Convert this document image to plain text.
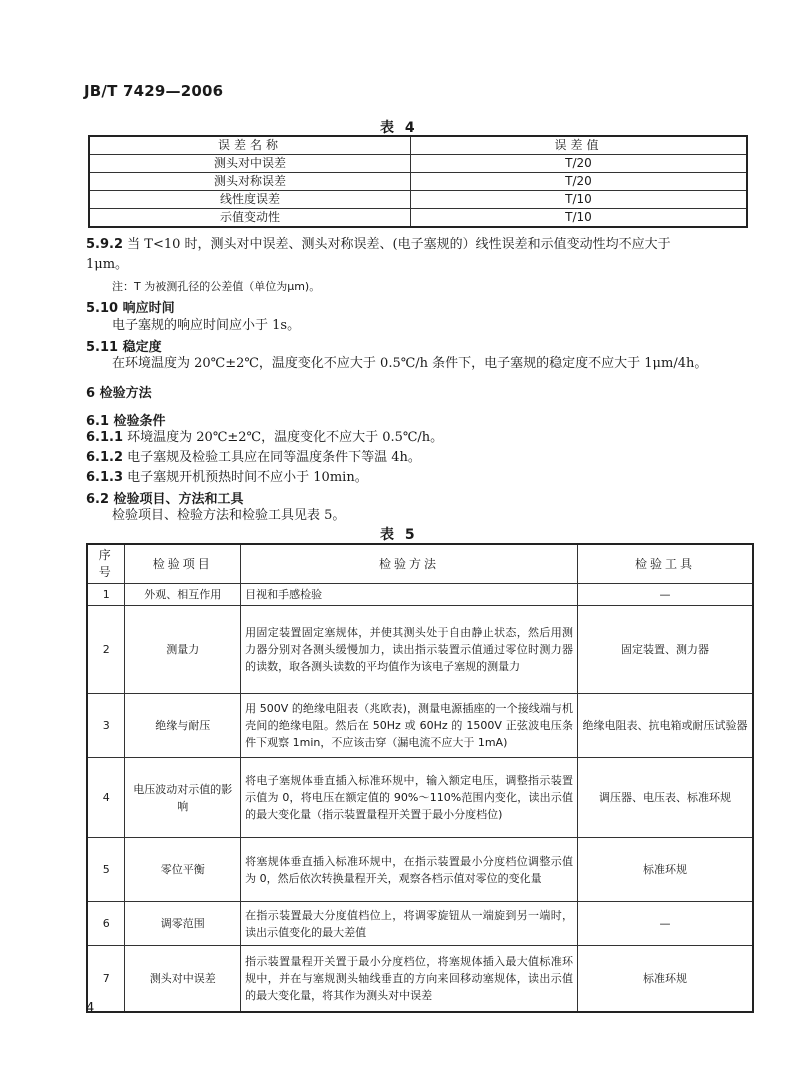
JB/T 7429—2006
表 4
误差名称	误差值
测头对中误差	T/20
测头对称误差	T/20
线性度误差	T/10
示值变动性	T/10
5.9.2 当 T<10 时，测头对中误差、测头对称误差、(电子塞规的）线性误差和示值变动性均不应大于
1μm。
注：T 为被测孔径的公差值（单位为μm)。
5.10 响应时间
电子塞规的响应时间应小于 1s。
5.11 稳定度
在环境温度为 20℃±2℃，温度变化不应大于 0.5℃/h 条件下，电子塞规的稳定度不应大于 1μm/4h。
6 检验方法
6.1 检验条件
6.1.1 环境温度为 20℃±2℃，温度变化不应大于 0.5℃/h。
6.1.2 电子塞规及检验工具应在同等温度条件下等温 4h。
6.1.3 电子塞规开机预热时间不应小于 10min。
6.2 检验项目、方法和工具
检验项目、检验方法和检验工具见表 5。
表 5
序号	检验项目	检验方法	检验工具
1	外观、相互作用	目视和手感检验	—
2	测量力	用固定装置固定塞规体，并使其测头处于自由静止状态，然后用测力器分别对各测头缓慢加力，读出指示装置示值通过零位时测力器的读数，取各测头读数的平均值作为该电子塞规的测量力	固定装置、测力器
3	绝缘与耐压	用 500V 的绝缘电阻表（兆欧表)，测量电源插座的一个接线端与机壳间的绝缘电阻。然后在 50Hz 或 60Hz 的 1500V 正弦波电压条件下观察 1min，不应该击穿（漏电流不应大于 1mA)	绝缘电阻表、抗电箱或耐压试验器
4	电压波动对示值的影响	将电子塞规体垂直插入标准环规中，输入额定电压，调整指示装置示值为 0，将电压在额定值的 90%～110%范围内变化，读出示值的最大变化量（指示装置量程开关置于最小分度档位)	调压器、电压表、标准环规
5	零位平衡	将塞规体垂直插入标准环规中，在指示装置最小分度档位调整示值为 0，然后依次转换量程开关，观察各档示值对零位的变化量	标准环规
6	调零范围	在指示装置最大分度值档位上，将调零旋钮从一端旋到另一端时，读出示值变化的最大差值	—
7	测头对中误差	指示装置量程开关置于最小分度档位，将塞规体插入最大值标准环规中，并在与塞规测头轴线垂直的方向来回移动塞规体，读出示值的最大变化量，将其作为测头对中误差	标准环规
4
